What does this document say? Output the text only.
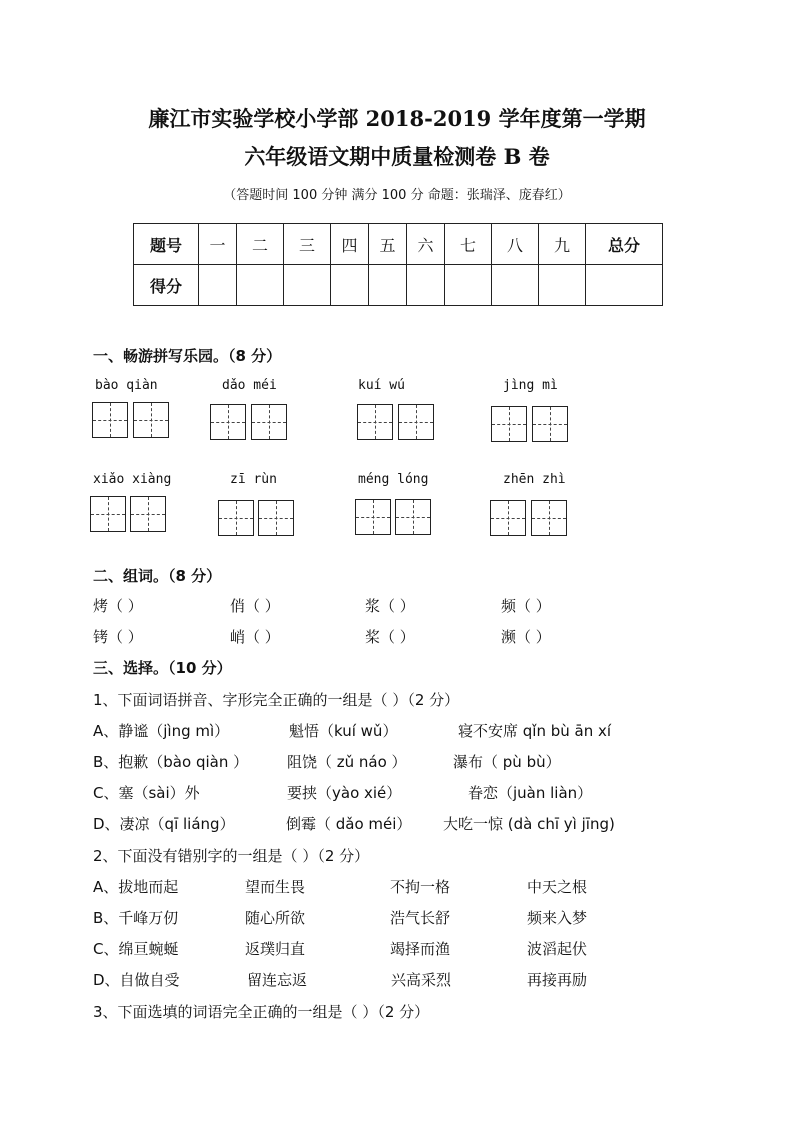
廉江市实验学校小学部 2018-2019 学年度第一学期
六年级语文期中质量检测卷 B 卷
（答题时间 100 分钟 满分 100 分 命题：张瑞泽、庞春红）
题号	一	二	三	四	五	六	七	八	九	总分
得分										
一、畅游拼写乐园。（8 分）
bào qiàn	dǎo méi	kuí wú	jìng mì
xiǎo xiàng	zī rùn	méng lóng	zhēn zhì
二、组词。（8 分）
烤（ ）	俏（ ）	浆（ ）	频（ ）
铐（ ）	峭（ ）	桨（ ）	濒（ ）
三、选择。（10 分）
1、下面词语拼音、字形完全正确的一组是（ ）（2 分）
A、静谧（jìng mì）	魁悟（kuí wǔ）	寝不安席 qǐn bù ān xí
B、抱歉（bào qiàn ）	阻饶（ zǔ náo ）	瀑布（ pù bù）
C、塞（sài）外	要挟（yào xié）	眷恋（juàn liàn）
D、凄凉（qī liáng）	倒霉（ dǎo méi） 大吃一惊 (dà chī yì jīng)
2、下面没有错别字的一组是（ ）（2 分）
A、拔地而起	望而生畏	不拘一格	中天之根
B、千峰万仞	随心所欲	浩气长舒	频来入梦
C、绵亘蜿蜒	返璞归直	竭择而渔	波滔起伏
D、自做自受	留连忘返	兴高采烈	再接再励
3、下面选填的词语完全正确的一组是（ ）（2 分）
